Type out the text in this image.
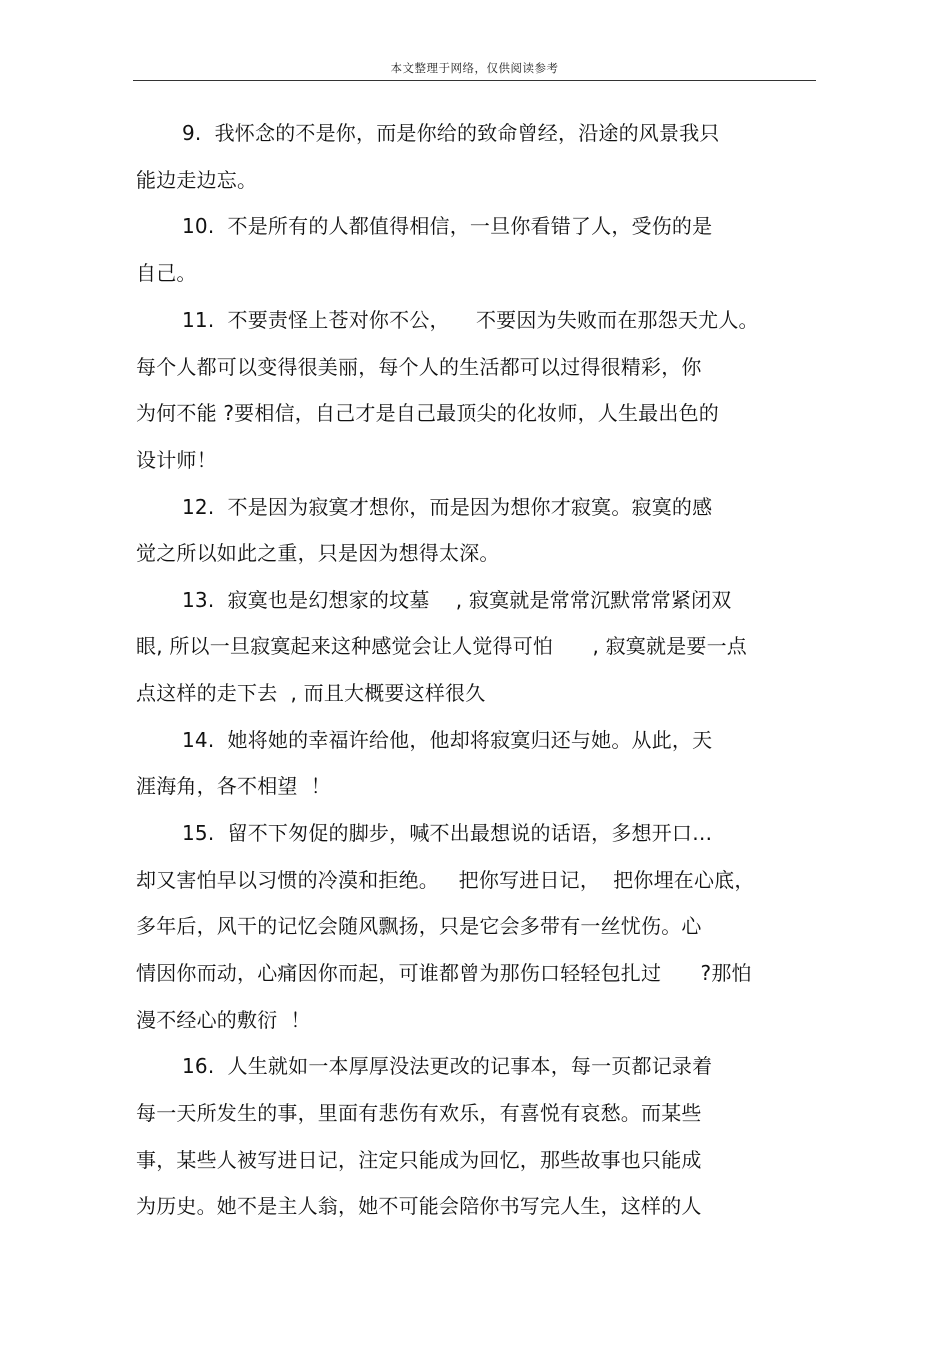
本文整理于网络，仅供阅读参考
9.  我怀念的不是你，而是你给的致命曾经，沿途的风景我只
能边走边忘。
10.  不是所有的人都值得相信，一旦你看错了人，受伤的是
自己。
11.  不要责怪上苍对你不公，    不要因为失败而在那怨天尤人。
每个人都可以变得很美丽，每个人的生活都可以过得很精彩，你
为何不能 ?要相信，自己才是自己最顶尖的化妆师，人生最出色的
设计师！
12.  不是因为寂寞才想你，而是因为想你才寂寞。寂寞的感
觉之所以如此之重，只是因为想得太深。
13.  寂寞也是幻想家的坟墓    , 寂寞就是常常沉默常常紧闭双
眼, 所以一旦寂寞起来这种感觉会让人觉得可怕      , 寂寞就是要一点
点这样的走下去  , 而且大概要这样很久
14.  她将她的幸福许给他，他却将寂寞归还与她。从此，天
涯海角，各不相望  ！
15.  留不下匆促的脚步，喊不出最想说的话语，多想开口…
却又害怕早以习惯的冷漠和拒绝。   把你写进日记，  把你埋在心底，
多年后，风干的记忆会随风飘扬，只是它会多带有一丝忧伤。心
情因你而动，心痛因你而起，可谁都曾为那伤口轻轻包扎过      ?那怕
漫不经心的敷衍  ！
16.  人生就如一本厚厚没法更改的记事本，每一页都记录着
每一天所发生的事，里面有悲伤有欢乐，有喜悦有哀愁。而某些
事，某些人被写进日记，注定只能成为回忆，那些故事也只能成
为历史。她不是主人翁，她不可能会陪你书写完人生，这样的人
